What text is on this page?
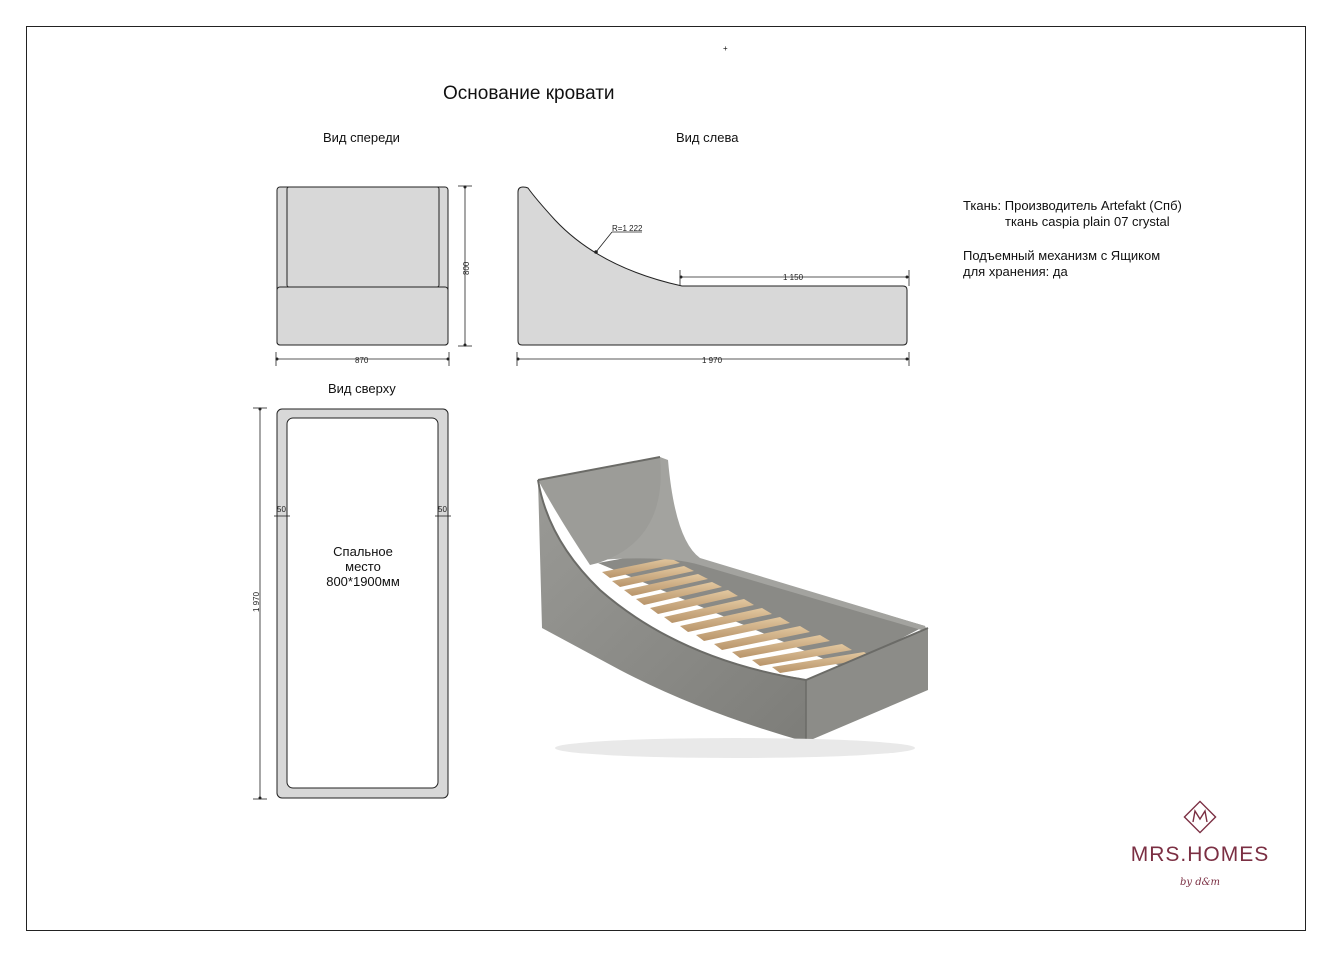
+
Основание кровати
Вид спереди	Вид слева
Вид сверху
800
870
R=1 222
1 150
1 970
1 970
50	50
Спальное
место
800*1900мм
Ткань: Производитель Artefakt (Спб)
ткань caspia plain 07 crystal
Подъемный механизм с Ящиком
для хранения: да
MRS.HOMES
by d&m
